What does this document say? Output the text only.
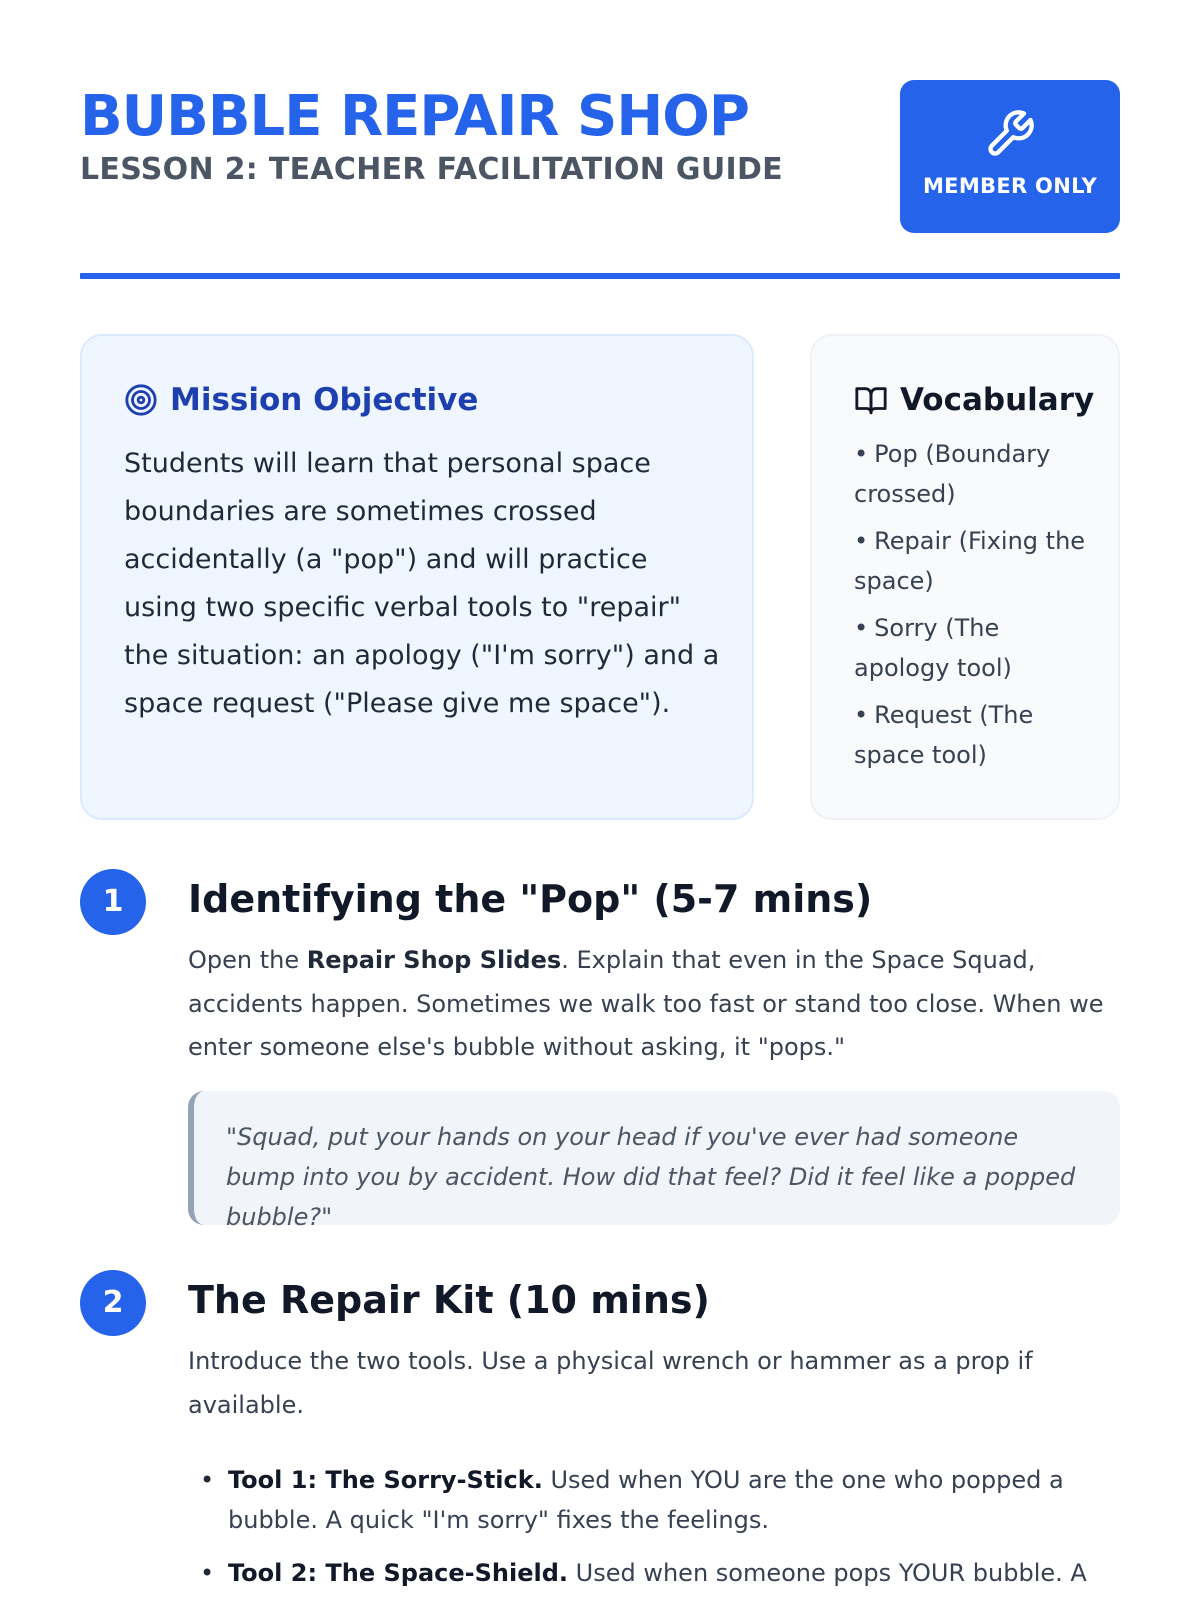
BUBBLE REPAIR SHOP
LESSON 2: TEACHER FACILITATION GUIDE	MEMBER ONLY
Mission Objective

Students will learn that personal space boundaries are sometimes crossed accidentally (a "pop") and will practice using two specific verbal tools to "repair" the situation: an apology ("I'm sorry") and a space request ("Please give me space").

Vocabulary
• Pop (Boundary crossed)
• Repair (Fixing the space)
• Sorry (The apology tool)
• Request (The space tool)
1	Identifying the "Pop" (5-7 mins)

Open the Repair Shop Slides. Explain that even in the Space Squad, accidents happen. Sometimes we walk too fast or stand too close. When we enter someone else's bubble without asking, it "pops."

"Squad, put your hands on your head if you've ever had someone bump into you by accident. How did that feel? Did it feel like a popped bubble?"
2	The Repair Kit (10 mins)

Introduce the two tools. Use a physical wrench or hammer as a prop if available.

• Tool 1: The Sorry-Stick. Used when YOU are the one who popped a bubble. A quick "I'm sorry" fixes the feelings.
• Tool 2: The Space-Shield. Used when someone pops YOUR bubble. A
